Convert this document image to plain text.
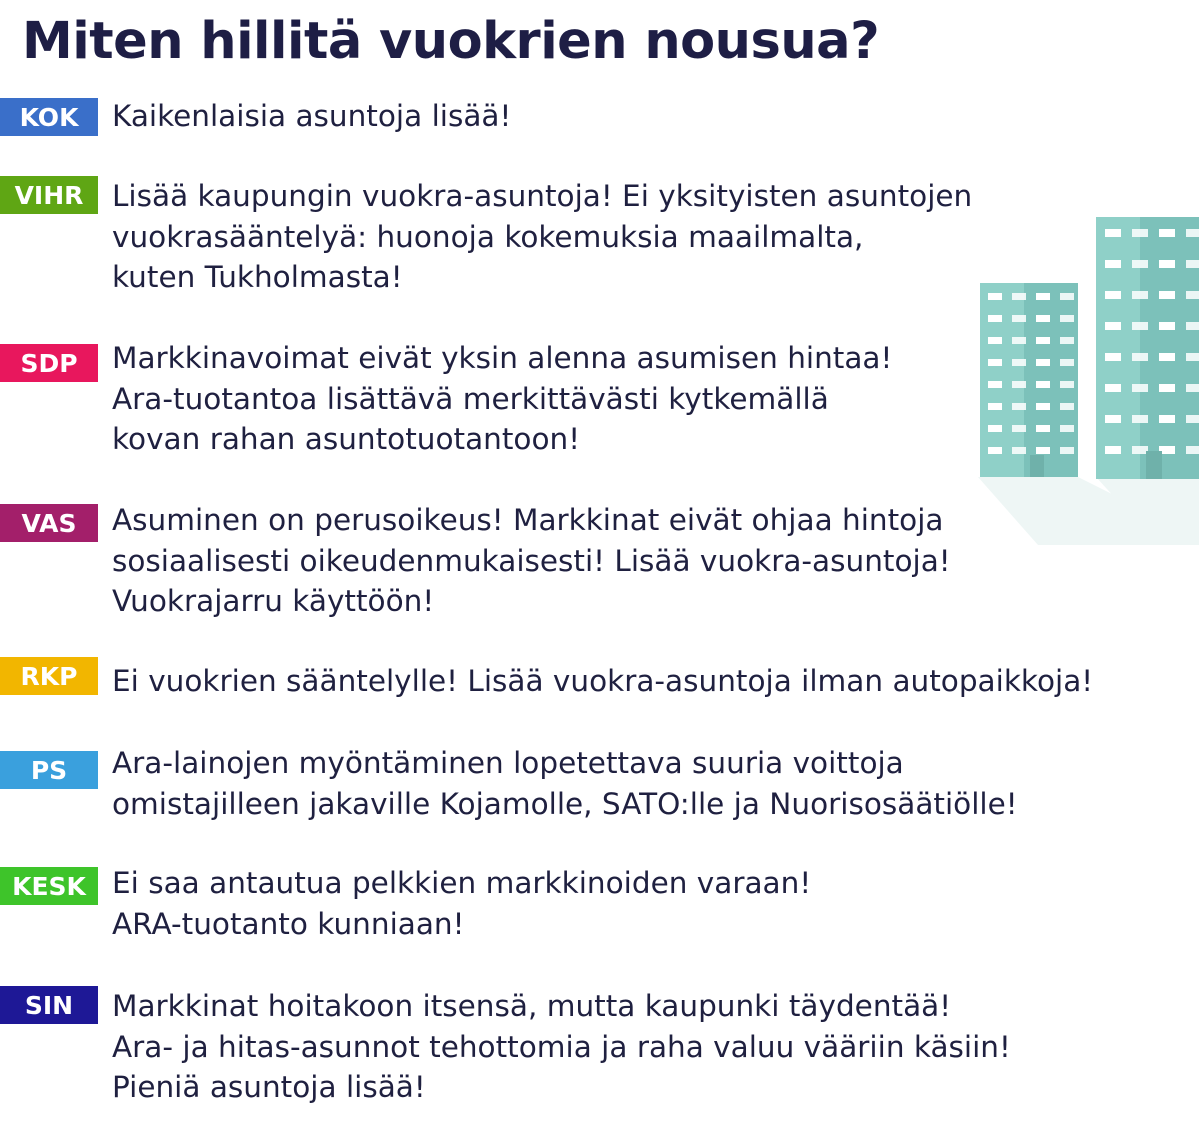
Miten hillitä vuokrien nousua?
KOK	Kaikenlaisia asuntoja lisää!
VIHR Lisää kaupungin vuokra-asuntoja! Ei yksityisten asuntojen
vuokrasääntelyä: huonoja kokemuksia maailmalta,
kuten Tukholmasta!
SDP	Markkinavoimat eivät yksin alenna asumisen hintaa!
Ara-tuotantoa lisättävä merkittävästi kytkemällä
kovan rahan asuntotuotantoon!
VAS	Asuminen on perusoikeus! Markkinat eivät ohjaa hintoja
sosiaalisesti oikeudenmukaisesti! Lisää vuokra-asuntoja!
Vuokrajarru käyttöön!
RKP	Ei vuokrien sääntelylle! Lisää vuokra-asuntoja ilman autopaikkoja!
PS	Ara-lainojen myöntäminen lopetettava suuria voittoja
omistajilleen jakaville Kojamolle, SATO:lle ja Nuorisosäätiölle!
KESK Ei saa antautua pelkkien markkinoiden varaan!
ARA-tuotanto kunniaan!
SIN	Markkinat hoitakoon itsensä, mutta kaupunki täydentää!
Ara- ja hitas-asunnot tehottomia ja raha valuu vääriin käsiin!
Pieniä asuntoja lisää!
